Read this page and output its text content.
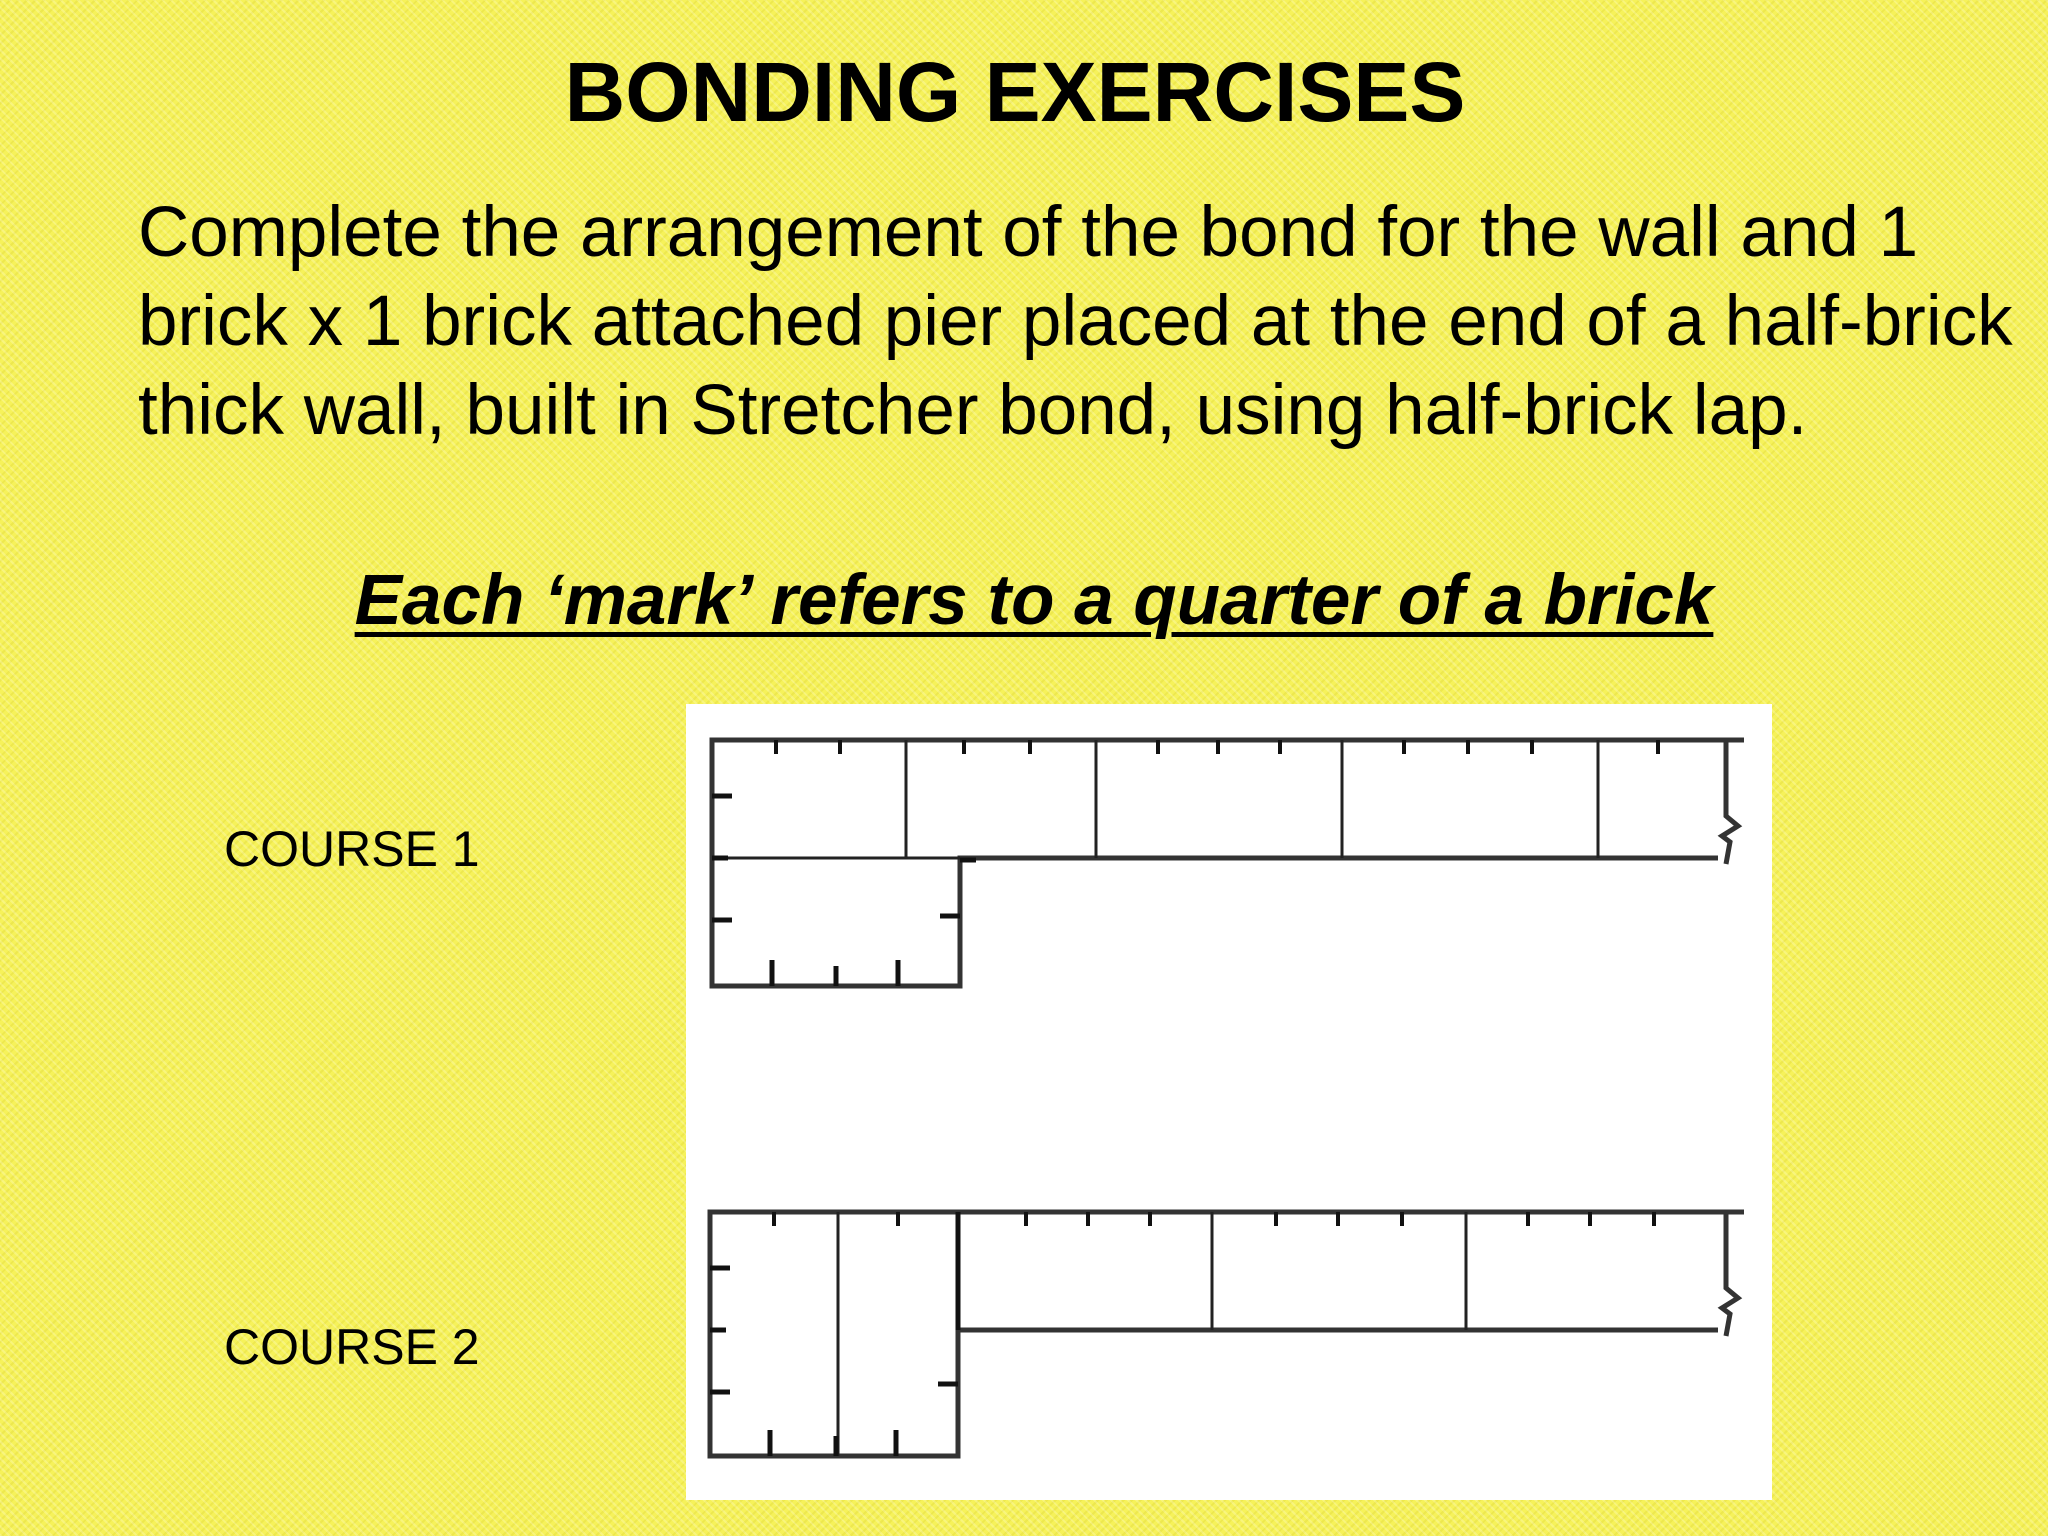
BONDING EXERCISES

Complete the arrangement of the bond for the wall and 1 brick x 1 brick attached pier placed at the end of a half-brick thick wall, built in Stretcher bond, using half-brick lap.

Each ‘mark’ refers to a quarter of a brick

COURSE 1

COURSE 2
